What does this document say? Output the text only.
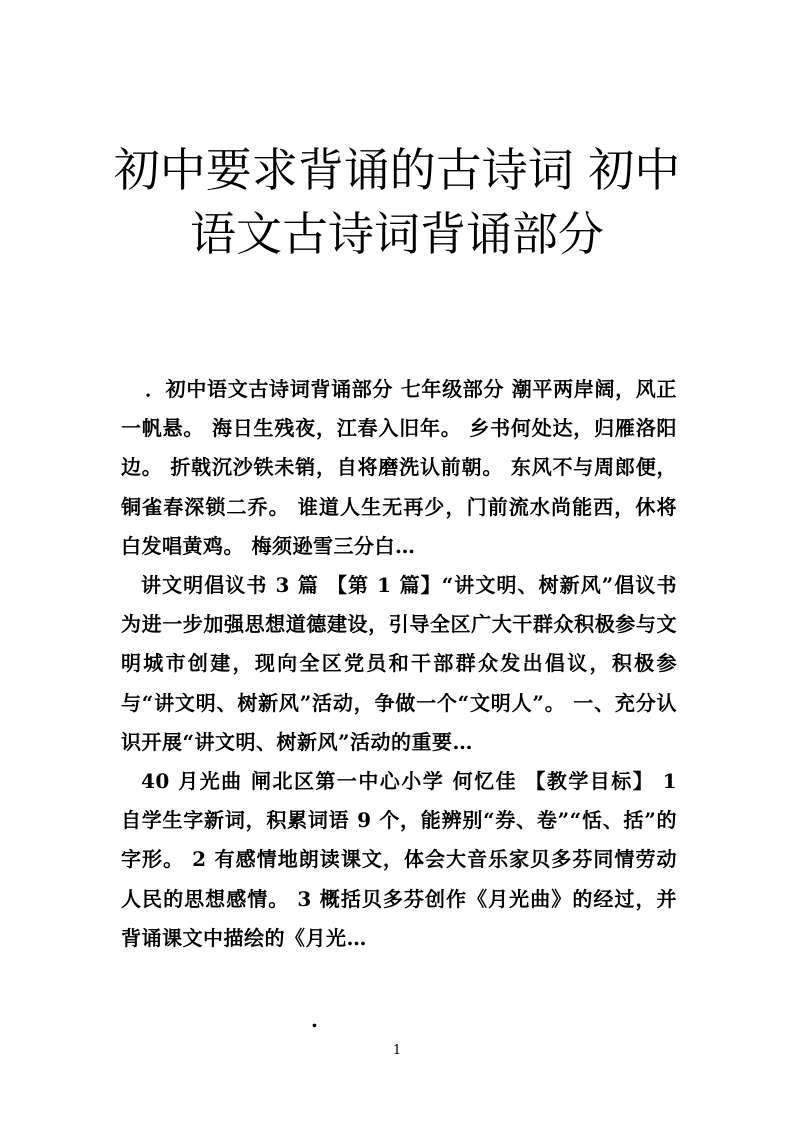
初中要求背诵的古诗词 初中语文古诗词背诵部分

．初中语文古诗词背诵部分 七年级部分 潮平两岸阔，风正一帆悬。 海日生残夜，江春入旧年。 乡书何处达，归雁洛阳边。 折戟沉沙铁未销，自将磨洗认前朝。 东风不与周郎便，铜雀春深锁二乔。 谁道人生无再少，门前流水尚能西，休将白发唱黄鸡。 梅须逊雪三分白…

讲文明倡议书 3 篇 【第 1 篇】“讲文明、树新风”倡议书为进一步加强思想道德建设，引导全区广大干群众积极参与文明城市创建，现向全区党员和干部群众发出倡议，积极参与“讲文明、树新风”活动，争做一个“文明人”。 一、充分认识开展“讲文明、树新风”活动的重要…

40 月光曲 闸北区第一中心小学 何忆佳 【教学目标】 1 自学生字新词，积累词语 9 个，能辨别“券、卷”“恬、括”的字形。 2 有感情地朗读课文，体会大音乐家贝多芬同情劳动人民的思想感情。 3 概括贝多芬创作《月光曲》的经过，并背诵课文中描绘的《月光…

.

1
